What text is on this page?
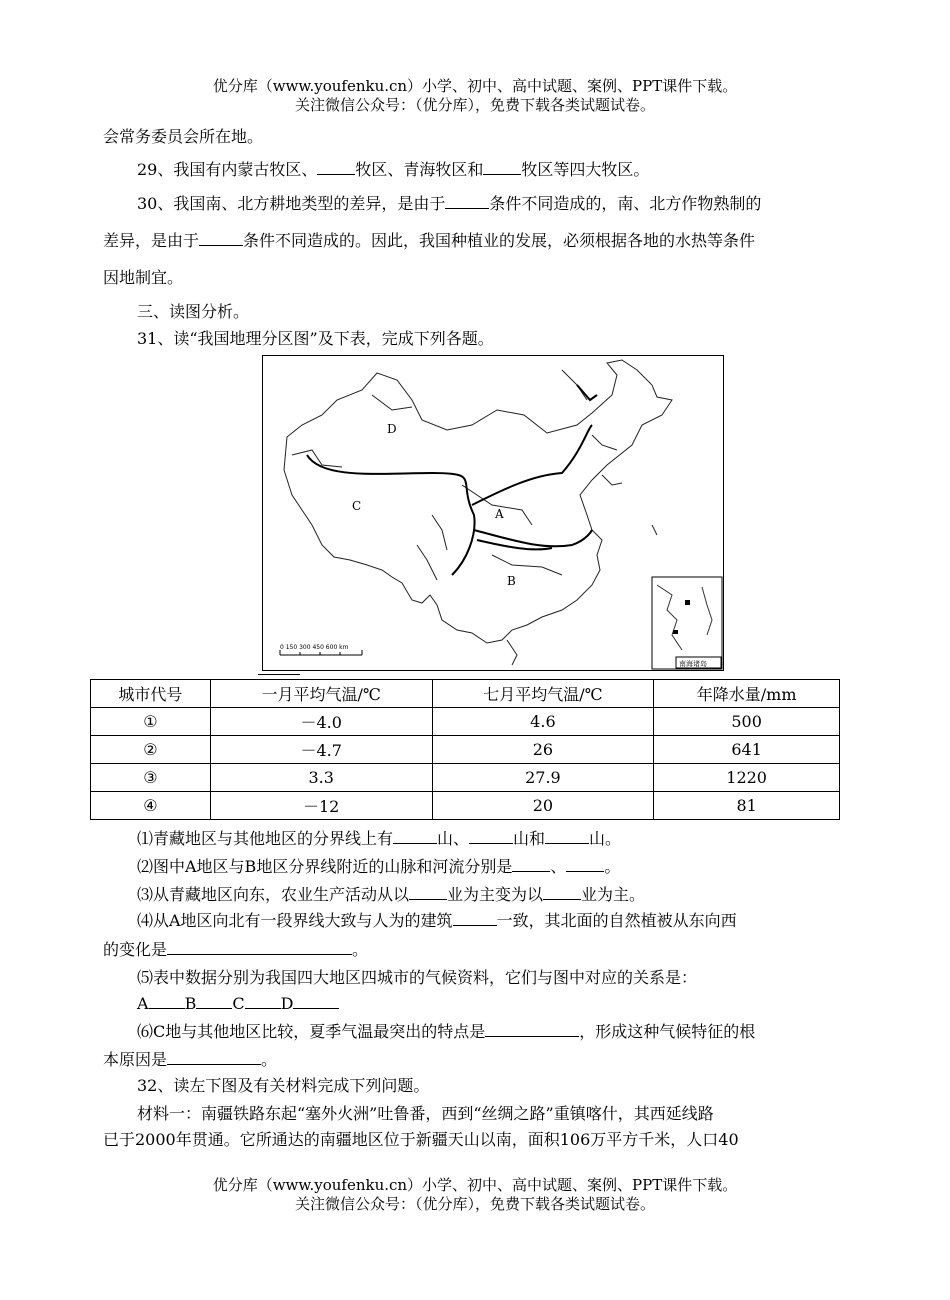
优分库（www.youfenku.cn）小学、初中、高中试题、案例、PPT课件下载。
关注微信公众号：（优分库），免费下载各类试题试卷。
会常务委员会所在地。
29、我国有内蒙古牧区、 牧区、青海牧区和 牧区等四大牧区。
30、我国南、北方耕地类型的差异，是由于	条件不同造成的，南、北方作物熟制的
差异，是由于	条件不同造成的。因此，我国种植业的发展，必须根据各地的水热等条件
因地制宜。
三、读图分析。
31、读“我国地理分区图”及下表，完成下列各题。
D
C
A
B
0 150 300 450 600 km
南海诸岛
城市代号	一月平均气温/℃	七月平均气温/℃	年降水量/mm
①	－4.0	4.6	500
②	－4.7	26	641
③	3.3	27.9	1220
④	－12	20	81
⑴青藏地区与其他地区的分界线上有	山、	山和	山。
⑵图中A地区与B地区分界线附近的山脉和河流分别是 、 。
⑶从青藏地区向东，农业生产活动从以 业为主变为以 业为主。
⑷从A地区向北有一段界线大致与人为的建筑	一致，其北面的自然植被从东向西
的变化是	。
⑸表中数据分别为我国四大地区四城市的气候资料，它们与图中对应的关系是：
A B C D
⑹C地与其他地区比较，夏季气温最突出的特点是	，形成这种气候特征的根
本原因是	。
32、读左下图及有关材料完成下列问题。
材料一：南疆铁路东起“塞外火洲”吐鲁番，西到“丝绸之路”重镇喀什，其西延线路
已于2000年贯通。它所通达的南疆地区位于新疆天山以南，面积106万平方千米，人口40
优分库（www.youfenku.cn）小学、初中、高中试题、案例、PPT课件下载。
关注微信公众号：（优分库），免费下载各类试题试卷。
